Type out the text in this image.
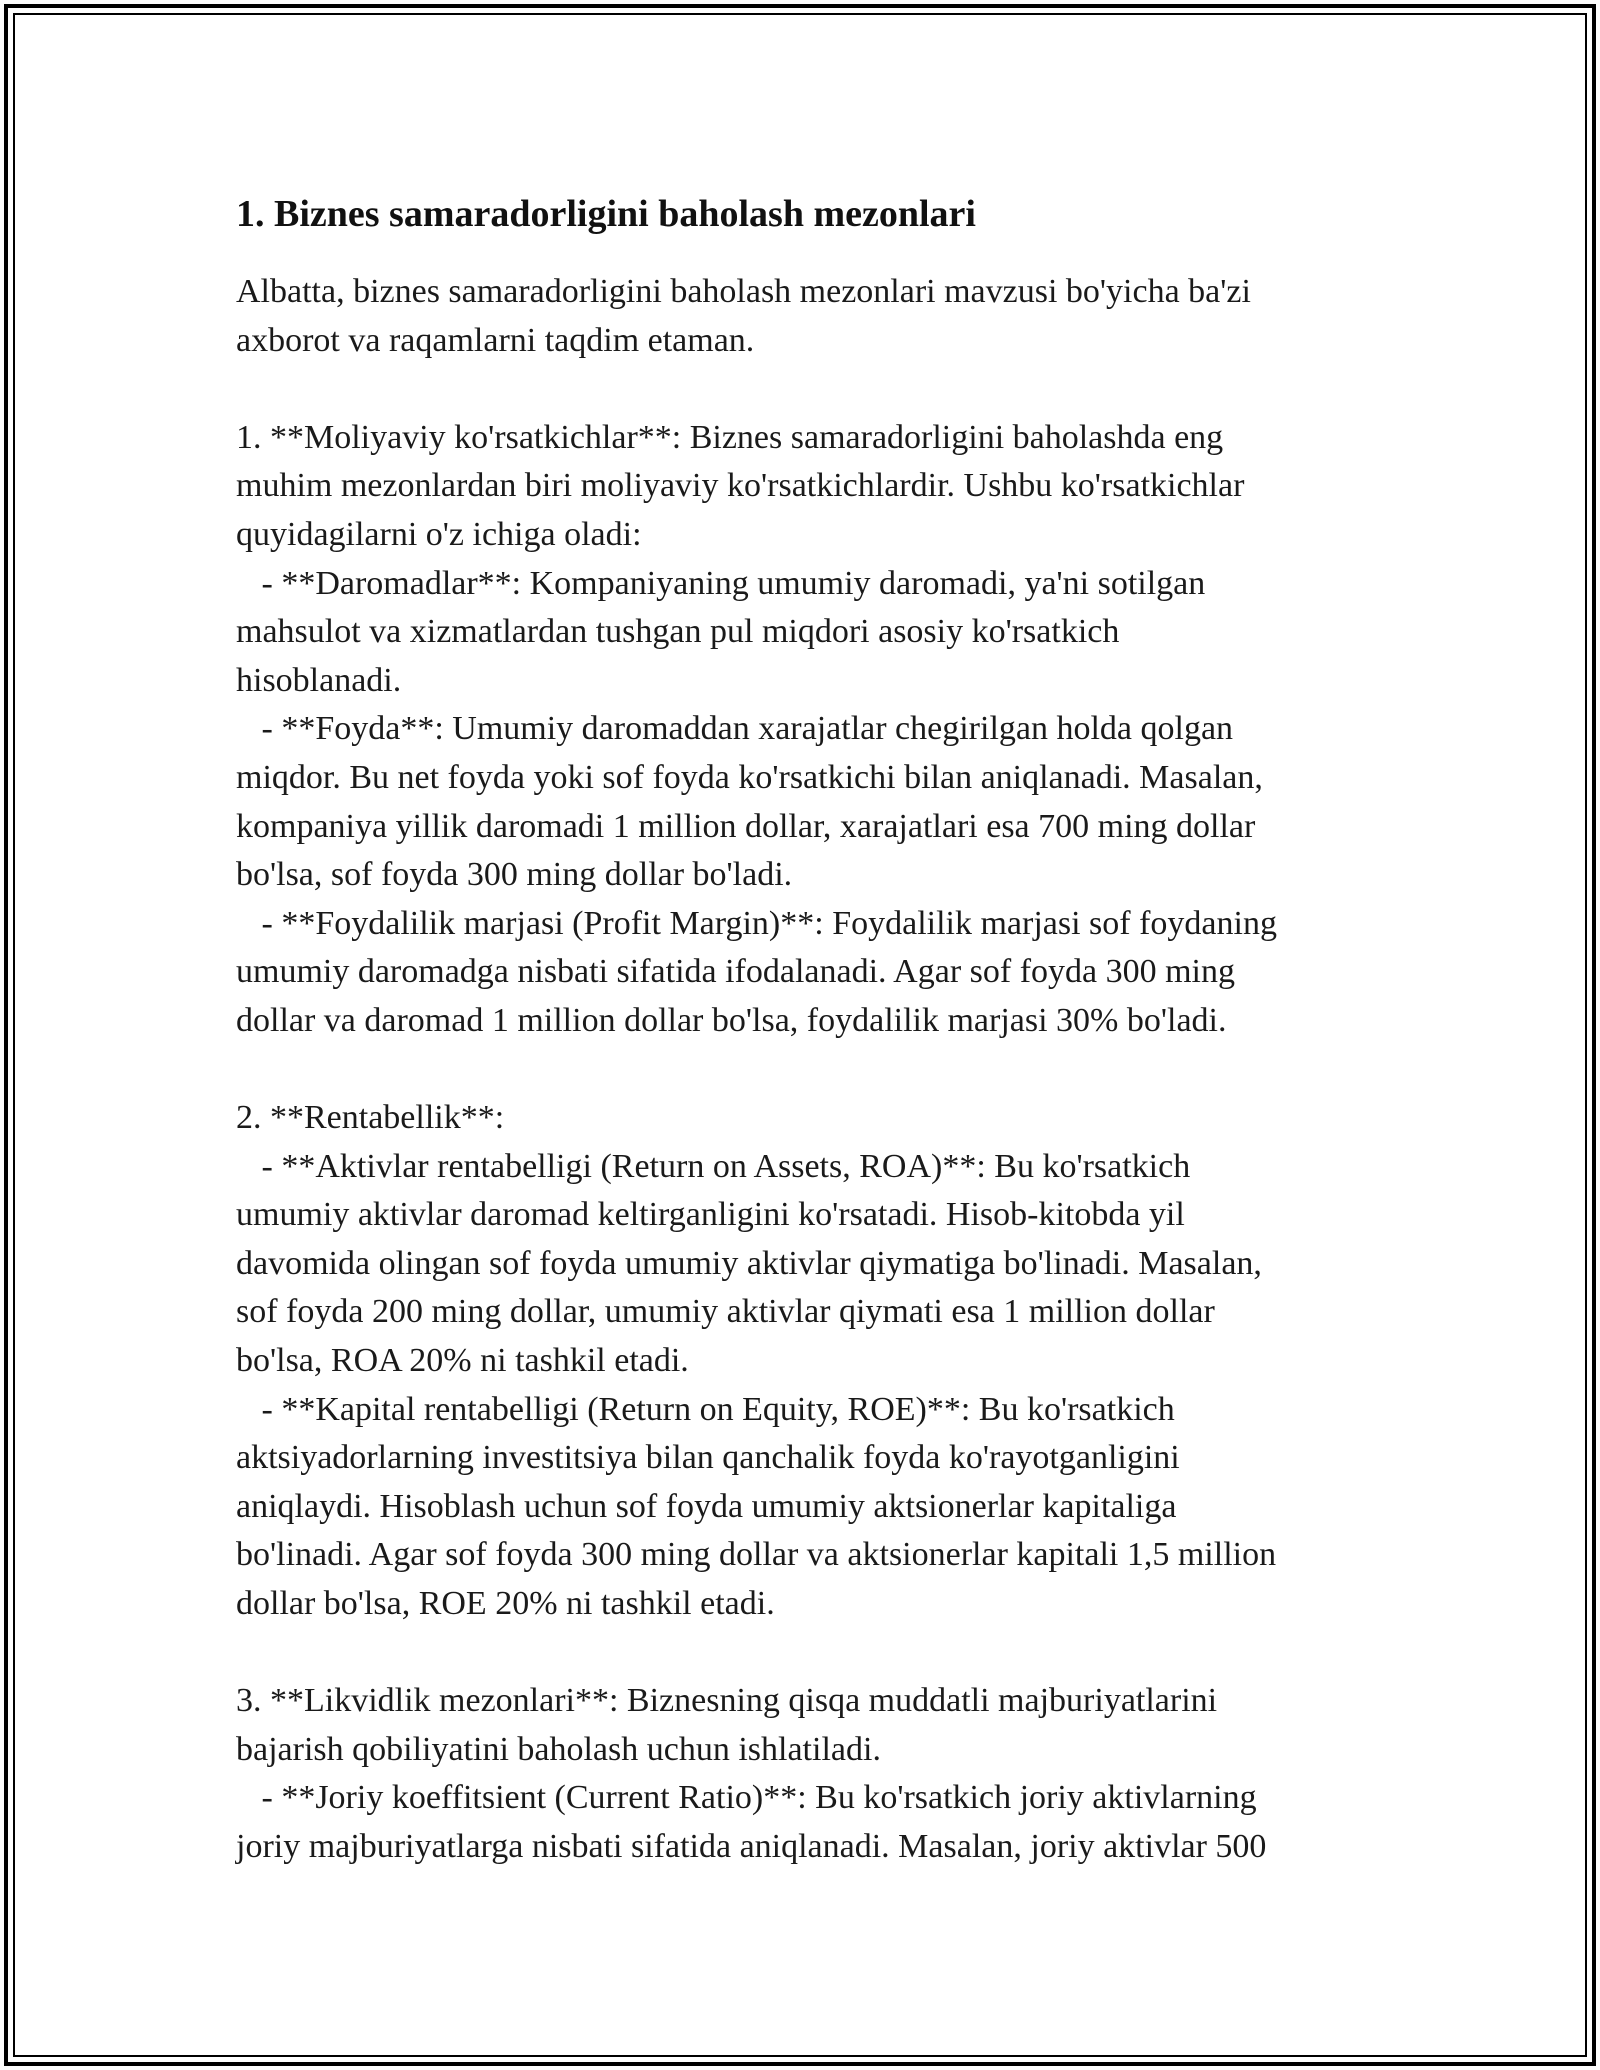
1. Biznes samaradorligini baholash mezonlari
Albatta, biznes samaradorligini baholash mezonlari mavzusi bo'yicha ba'zi
axborot va raqamlarni taqdim etaman.
1. **Moliyaviy ko'rsatkichlar**: Biznes samaradorligini baholashda eng
muhim mezonlardan biri moliyaviy ko'rsatkichlardir. Ushbu ko'rsatkichlar
quyidagilarni o'z ichiga oladi:
- **Daromadlar**: Kompaniyaning umumiy daromadi, ya'ni sotilgan
mahsulot va xizmatlardan tushgan pul miqdori asosiy ko'rsatkich
hisoblanadi.
- **Foyda**: Umumiy daromaddan xarajatlar chegirilgan holda qolgan
miqdor. Bu net foyda yoki sof foyda ko'rsatkichi bilan aniqlanadi. Masalan,
kompaniya yillik daromadi 1 million dollar, xarajatlari esa 700 ming dollar
bo'lsa, sof foyda 300 ming dollar bo'ladi.
- **Foydalilik marjasi (Profit Margin)**: Foydalilik marjasi sof foydaning
umumiy daromadga nisbati sifatida ifodalanadi. Agar sof foyda 300 ming
dollar va daromad 1 million dollar bo'lsa, foydalilik marjasi 30% bo'ladi.
2. **Rentabellik**:
- **Aktivlar rentabelligi (Return on Assets, ROA)**: Bu ko'rsatkich
umumiy aktivlar daromad keltirganligini ko'rsatadi. Hisob-kitobda yil
davomida olingan sof foyda umumiy aktivlar qiymatiga bo'linadi. Masalan,
sof foyda 200 ming dollar, umumiy aktivlar qiymati esa 1 million dollar
bo'lsa, ROA 20% ni tashkil etadi.
- **Kapital rentabelligi (Return on Equity, ROE)**: Bu ko'rsatkich
aktsiyadorlarning investitsiya bilan qanchalik foyda ko'rayotganligini
aniqlaydi. Hisoblash uchun sof foyda umumiy aktsionerlar kapitaliga
bo'linadi. Agar sof foyda 300 ming dollar va aktsionerlar kapitali 1,5 million
dollar bo'lsa, ROE 20% ni tashkil etadi.
3. **Likvidlik mezonlari**: Biznesning qisqa muddatli majburiyatlarini
bajarish qobiliyatini baholash uchun ishlatiladi.
- **Joriy koeffitsient (Current Ratio)**: Bu ko'rsatkich joriy aktivlarning
joriy majburiyatlarga nisbati sifatida aniqlanadi. Masalan, joriy aktivlar 500
